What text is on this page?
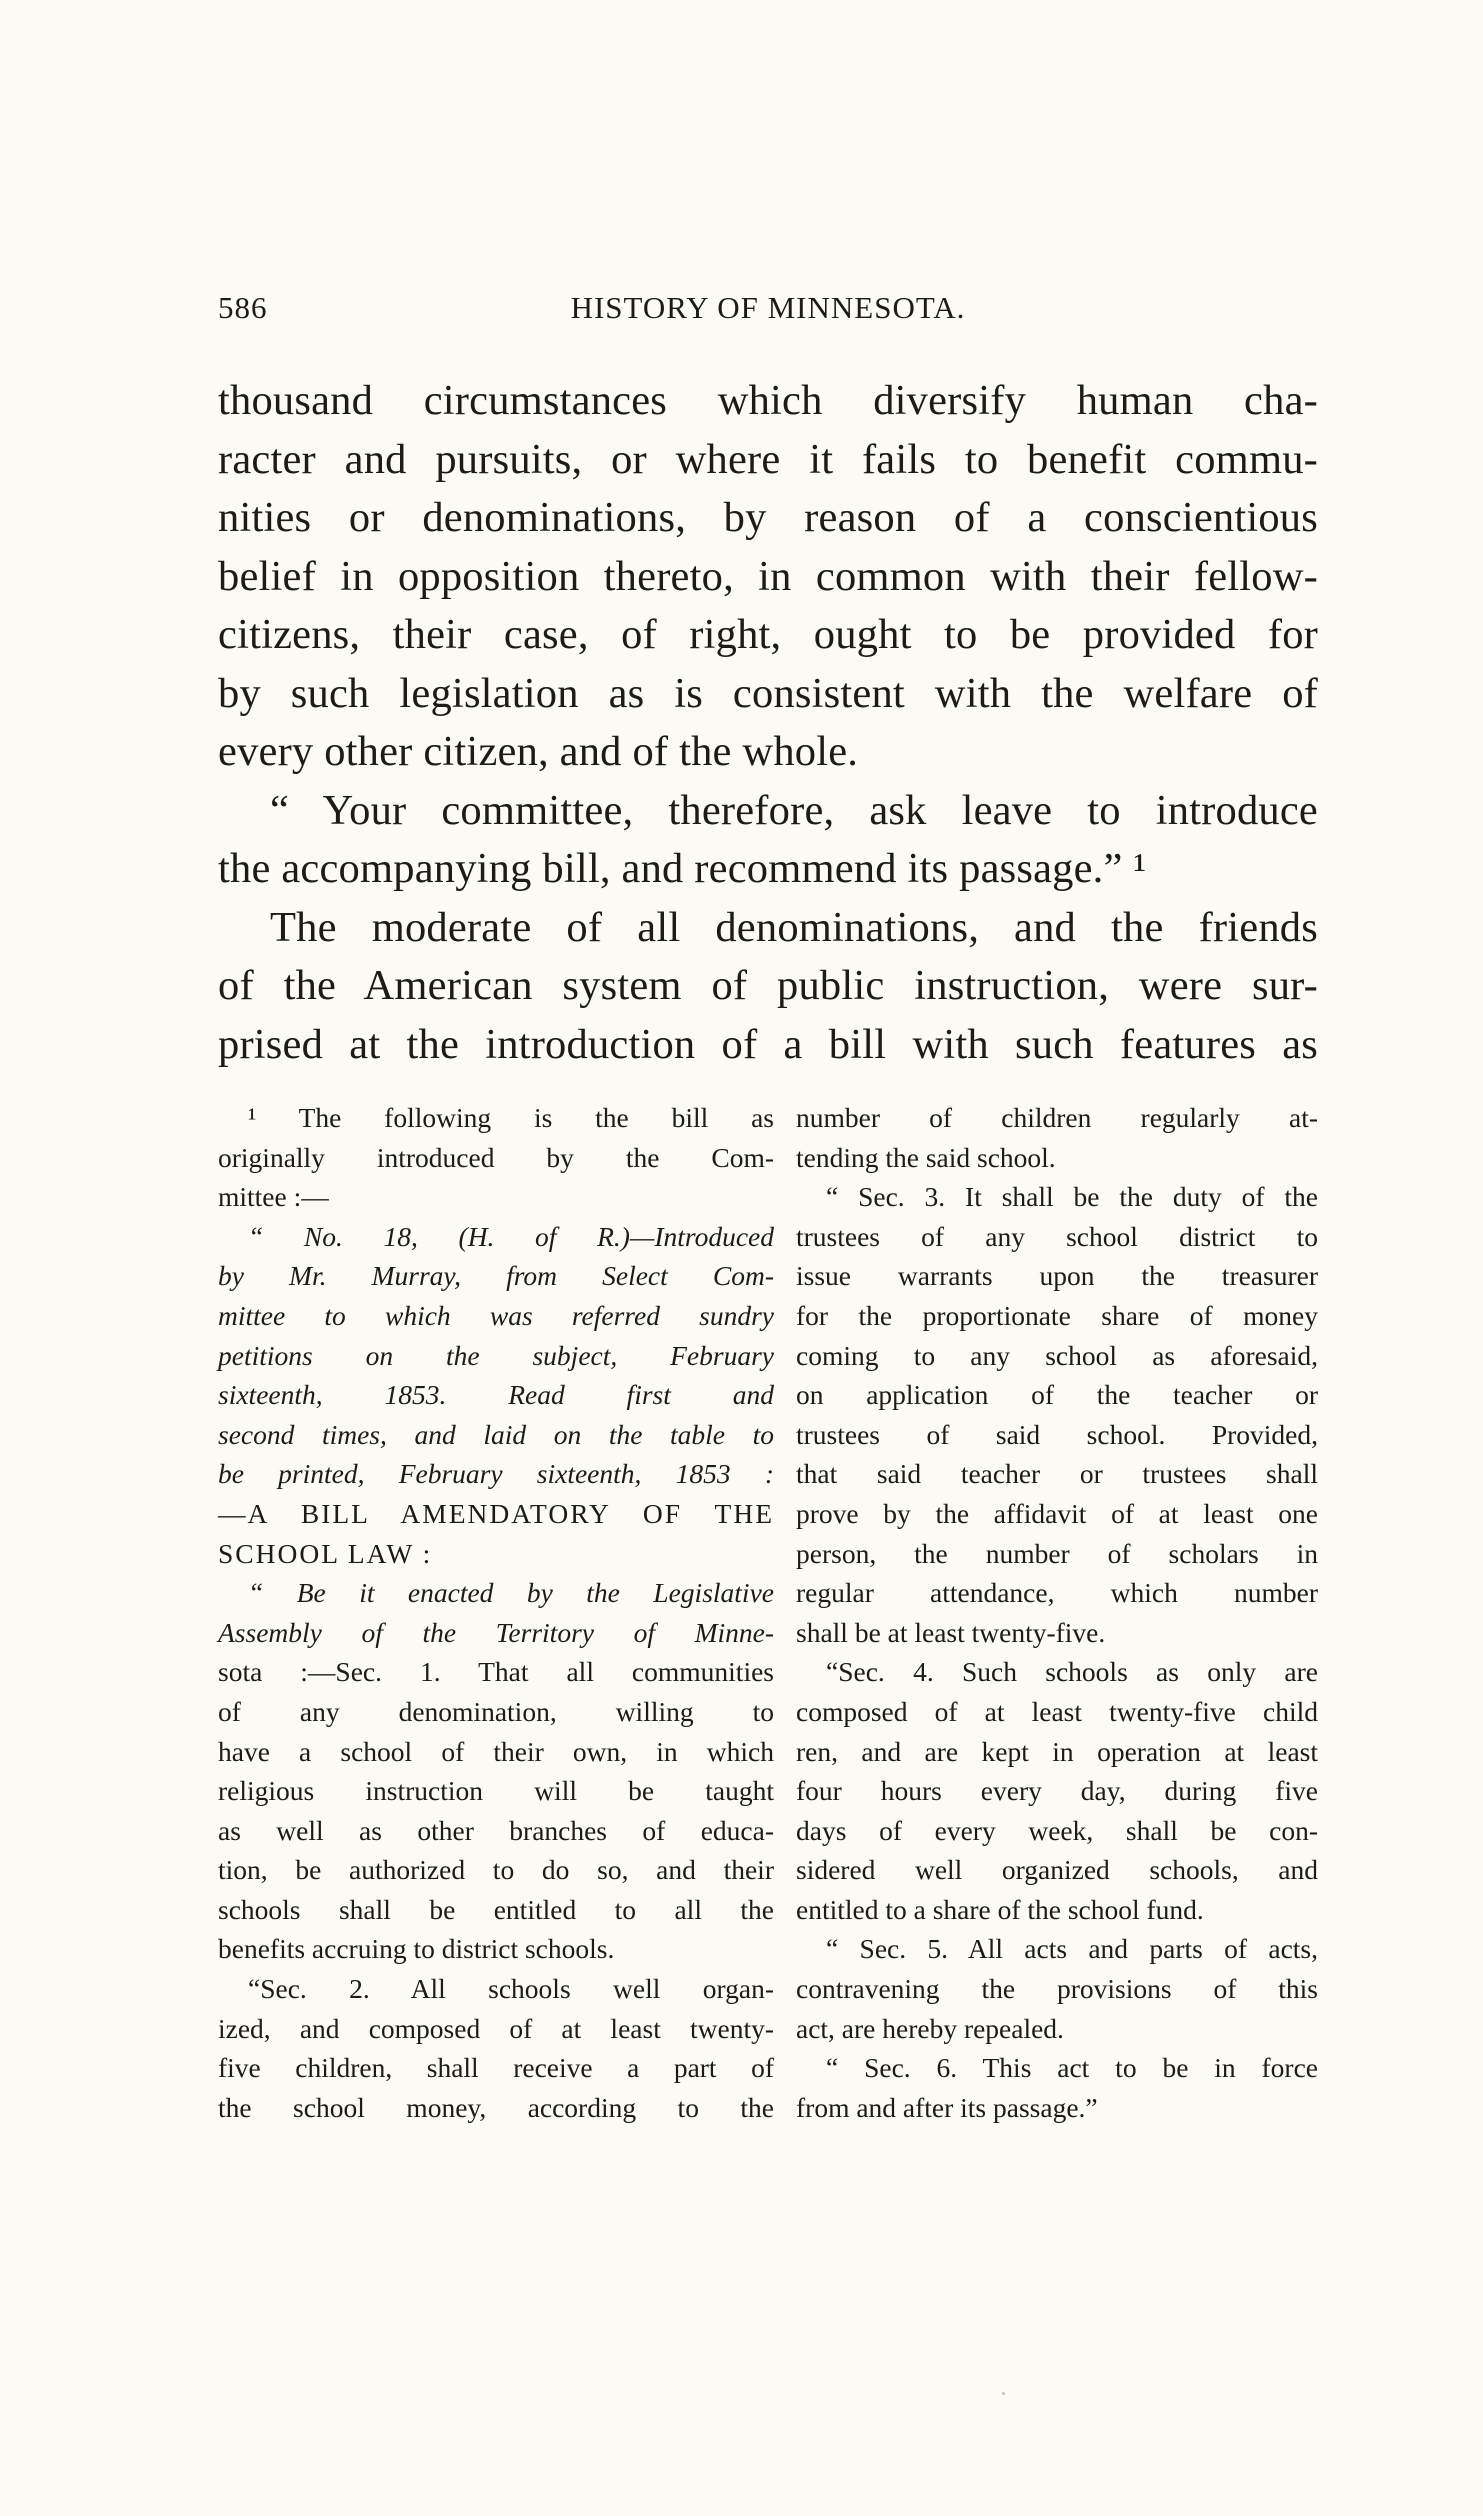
586	HISTORY OF MINNESOTA.
thousand circumstances which diversify human cha-
racter and pursuits, or where it fails to benefit commu-
nities or denominations, by reason of a conscientious
belief in opposition thereto, in common with their fellow-
citizens, their case, of right, ought to be provided for
by such legislation as is consistent with the welfare of
every other citizen, and of the whole.
“ Your committee, therefore, ask leave to introduce
the accompanying bill, and recommend its passage.” ¹
The moderate of all denominations, and the friends
of the American system of public instruction, were sur-
prised at the introduction of a bill with such features as
¹ The following is the bill as
originally introduced by the Com-
mittee :—
“ No. 18, (H. of R.)—Introduced
by Mr. Murray, from Select Com-
mittee to which was referred sundry
petitions on the subject, February
sixteenth, 1853. Read first and
second times, and laid on the table to
be printed, February sixteenth, 1853 :
—A BILL AMENDATORY OF THE
SCHOOL LAW :
“ Be it enacted by the Legislative
Assembly of the Territory of Minne-
sota :—Sec. 1. That all communities
of any denomination, willing to
have a school of their own, in which
religious instruction will be taught
as well as other branches of educa-
tion, be authorized to do so, and their
schools shall be entitled to all the
benefits accruing to district schools.
“Sec. 2. All schools well organ-
ized, and composed of at least twenty-
five children, shall receive a part of
the school money, according to the
number of children regularly at-
tending the said school.
“ Sec. 3. It shall be the duty of the
trustees of any school district to
issue warrants upon the treasurer
for the proportionate share of money
coming to any school as aforesaid,
on application of the teacher or
trustees of said school. Provided,
that said teacher or trustees shall
prove by the affidavit of at least one
person, the number of scholars in
regular attendance, which number
shall be at least twenty-five.
“Sec. 4. Such schools as only are
composed of at least twenty-five child
ren, and are kept in operation at least
four hours every day, during five
days of every week, shall be con-
sidered well organized schools, and
entitled to a share of the school fund.
“ Sec. 5. All acts and parts of acts,
contravening the provisions of this
act, are hereby repealed.
“ Sec. 6. This act to be in force
from and after its passage.”
